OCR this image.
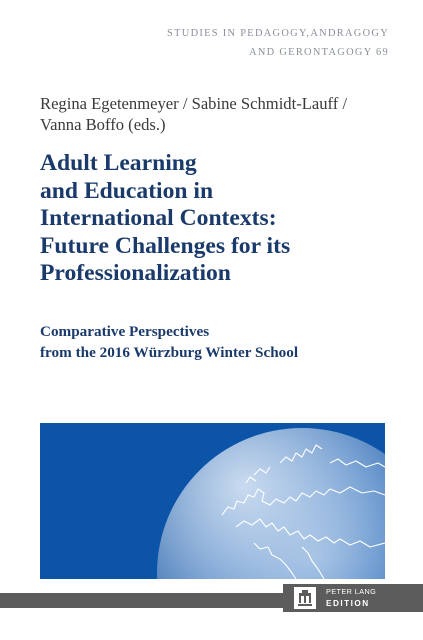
STUDIES IN PEDAGOGY,ANDRAGOGY
AND GERONTAGOGY 69
Regina Egetenmeyer / Sabine Schmidt-Lauff /
Vanna Boffo (eds.)
Adult Learning
and Education in
International Contexts:
Future Challenges for its
Professionalization
Comparative Perspectives
from the 2016 Würzburg Winter School
PETER LANG
EDITION
